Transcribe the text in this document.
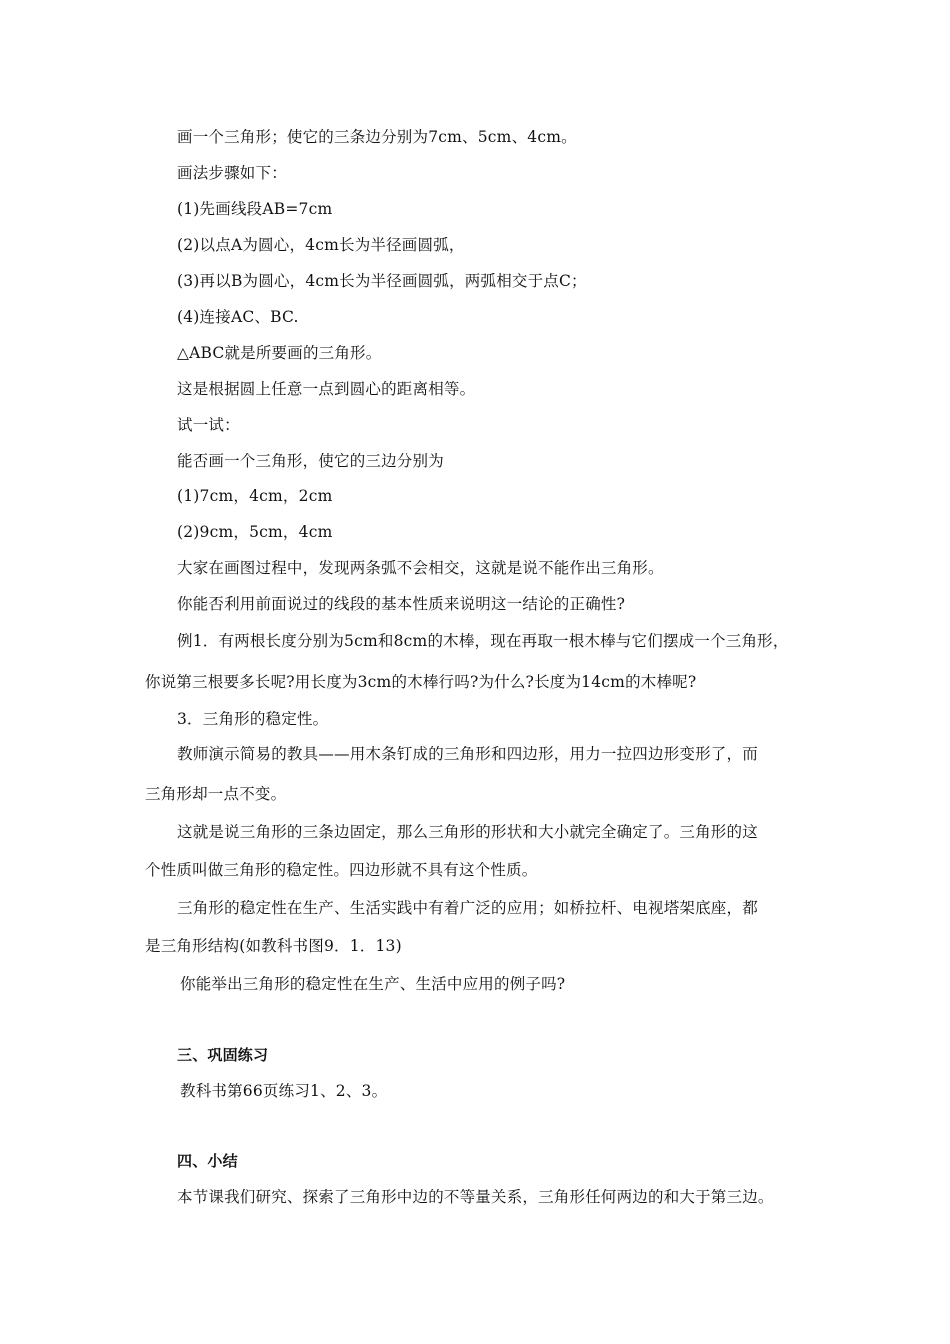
画一个三角形；使它的三条边分别为7cm、5cm、4cm。
画法步骤如下：
(1)先画线段AB=7cm
(2)以点A为圆心，4cm长为半径画圆弧，
(3)再以B为圆心，4cm长为半径画圆弧，两弧相交于点C；
(4)连接AC、BC.
△ABC就是所要画的三角形。
这是根据圆上任意一点到圆心的距离相等。
试一试：
能否画一个三角形，使它的三边分别为
(1)7cm，4cm，2cm
(2)9cm，5cm，4cm
大家在画图过程中，发现两条弧不会相交，这就是说不能作出三角形。
你能否利用前面说过的线段的基本性质来说明这一结论的正确性?
例1．有两根长度分别为5cm和8cm的木棒，现在再取一根木棒与它们摆成一个三角形，
你说第三根要多长呢?用长度为3cm的木棒行吗?为什么?长度为14cm的木棒呢?
3．三角形的稳定性。
教师演示简易的教具——用木条钉成的三角形和四边形，用力一拉四边形变形了，而
三角形却一点不变。
这就是说三角形的三条边固定，那么三角形的形状和大小就完全确定了。三角形的这
个性质叫做三角形的稳定性。四边形就不具有这个性质。
三角形的稳定性在生产、生活实践中有着广泛的应用；如桥拉杆、电视塔架底座，都
是三角形结构(如教科书图9．1．13)
你能举出三角形的稳定性在生产、生活中应用的例子吗?
三、巩固练习
教科书第66页练习1、2、3。
四、小结
本节课我们研究、探索了三角形中边的不等量关系，三角形任何两边的和大于第三边。
